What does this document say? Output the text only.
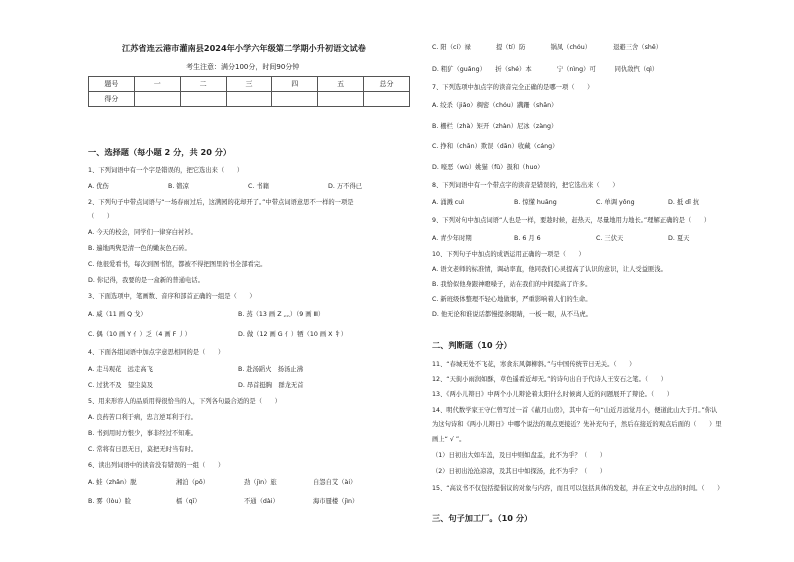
江苏省连云港市灌南县2024年小学六年级第二学期小升初语文试卷
考生注意：满分100分，时间90分钟
题号	一	二	三	四	五	总分
得分						
一、选择题（每小题 2 分，共 20 分）
1、下列词语中有一个字是错误的，把它选出来（　　）
A. 优伤	B. 锻凉	C. 书籍	D. 万不得已
2、下列句子中带点词语与“一场春雨过后，这满园的花却开了。”中带点词语意思不一样的一项是
（　　）
A. 今天的校会，同学们一律穿白衬衫。
B. 遍地两隽是清一色的嫩灰色石砖。
C. 他很爱看书，每次到图书馆，都被不得把图里的书全部看完。
D. 你记得，我要的是一盒新的普通电话。
3、下面选项中，笔画数、音序和部首正确的一组是（　　）
A. 威（11 画 Q 戈）	B. 蒸（13 画 Z 灬）（9 画 Ⅲ）
C. 偶（10 画 Y 亻）乏（4 画 F 丿）	D. 做（12 画 G 亻）牺（10 画 X 牜）
4、下面各组词语中加点字意思相同的是（　　）
A. 走马观花　远走高飞	B. 赴汤蹈火　扬汤止沸
C. 过犹不及　望尘莫及	D. 昂首挺胸　群龙无首
5、用来形容人的品质用得很恰当的人，下列各句最合适的是（　　）
A. 良药苦口利于病，忠言逆耳利于行。
B. 书到用时方恨少，事非经过不知难。
C. 常将有日思无日，莫把无时当有时。
6、读出列词语中的读音没有错误的一组（　　）
A. 蛙（zhǎn）脱	湘泊（pō）	劲（jìn）旅	自怨自艾（ài）
B. 雾（lòu）脸	檑（qī）	不通（dài）	海市蜃楼（jìn）
C. 阳（cí）禄　　　　提（tí）防　　　　锅凤（chóu）　　　　退避三舍（shě）
D. 粗犷（guǎng）　　折（shé）本　　　　宁（nìng）可　　　同仇敌忾（qì）
7、下列选项中加点字的读音完全正确的是哪一项（　　）
A. 绞杀（jiǎo）稠密（chóu）蹒跚（shān）
B. 栅栏（zhà）矩开（zhàn）尼冰（zàng）
C. 挣和（chān）欺误（dān）收藏（cáng）
D. 嚎恶（wù）姚猫（fǔ）扱和（huo）
8、下列词语中有一个带点字的读音是错误的，把它选出来（　　）
A. 涌溅 cuì	B. 惊懂 huāng	C. 单调 yǒng	D. 抵 dǐ 抗
9、下列对句中加点词语“人也是一样，要趁时候，赶热天，尽量地用力地长。”理解正确的是（　　）
A. 青少年时期	B. 6 月 6	C. 三伏天	D. 夏天
10、下列句子中加点的成语运用正确的一项是（　　）
A. 语文老师的标准情，调动率直，他同我们心灵提高了认识的意识，让人受益匪浅。
B. 我恰似他身跟神瞪嗓子，站在我们的中间提高了许多。
C. 新班级体整理不轻心地做事，严重影响着人们的生命。
D. 他无论和谁说话都慢提条眼睛，一板一眼，从不马虎。
二、判断题（10 分）
11、“春城无处不飞花，寒食东风御柳斜。”与中国传统节日无关。（　　）
12、“天街小雨润如酥，草色遥看近却无。”的诗句出自于代诗人王安石之笔。（　　）
13、《两小儿辩日》中两个小儿辩论着太阳什么时候离人近的问题展开了辩论。（　　）
14、明代数学家王守仁曾写过一首《蔽月山房》，其中有一句“山近月远觉月小，便道此山大于月。”你认
为这句诗和《两小儿辩日》中哪个说法的观点更接近？先补充句子，然后在接近的观点后面的（　　）里
画上“ √ ”。
（1）日初出大如车盖，及日中则如盘盂，此不为乎？（　　）
（2）日初出沧沧凉凉，及其日中如探汤，此不为乎？（　　）
15、“高议书不仅包括提倡议的对象与内容，而且可以包括具体的发起，并在正文中点出的时间。（　　）
三、句子加工厂。（10 分）
